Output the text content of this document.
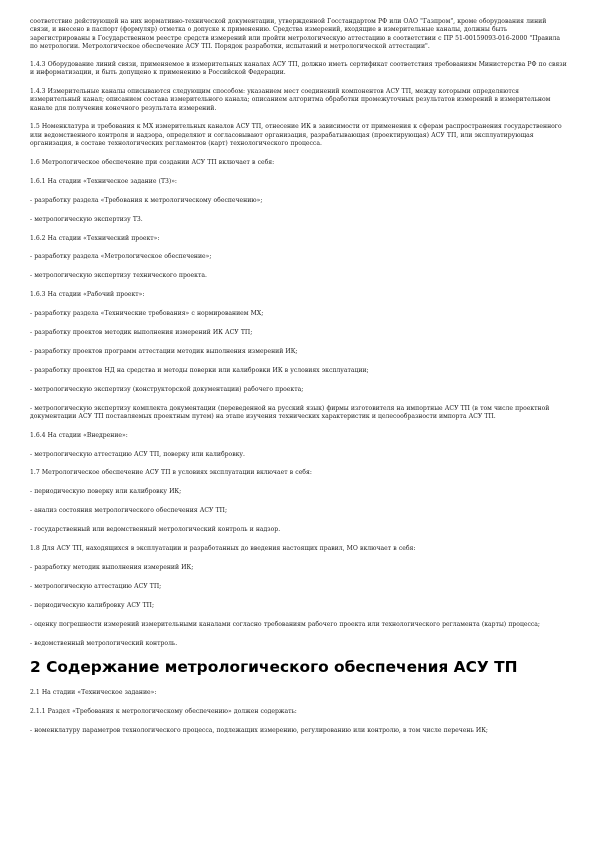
соответствие действующей на них нормативно-технической документации, утвержденной Госстандартом РФ или ОАО "Газпром", кроме оборудования линий связи, и внесено в паспорт (формуляр) отметка о допуске к применению. Средства измерений, входящие в измерительные каналы, должны быть зарегистрированы в Государственном реестре средств измерений или пройти метрологическую аттестацию в соответствии с ПР 51-00159093-016-2000 "Правила по метрологии. Метрологическое обеспечение АСУ ТП. Порядок разработки, испытаний и метрологической аттестации".

1.4.3 Оборудование линий связи, применяемое в измерительных каналах АСУ ТП, должно иметь сертификат соответствия требованиям Министерства РФ по связи и информатизации, и быть допущено к применению в Российской Федерации.

1.4.3 Измерительные каналы описываются следующим способом: указанием мест соединений компонентов АСУ ТП, между которыми определяются измерительный канал; описанием состава измерительного канала; описанием алгоритма обработки промежуточных результатов измерений в измерительном канале для получения конечного результата измерений.

1.5 Номенклатура и требования к МХ измерительных каналов АСУ ТП, отнесение ИК в зависимости от применения к сферам распространения государственного или ведомственного контроля и надзора, определяют и согласовывают организация, разрабатывающая (проектирующая) АСУ ТП, или эксплуатирующая организация, в составе технологических регламентов (карт) технологического процесса.

1.6 Метрологическое обеспечение при создании АСУ ТП включает в себя:

1.6.1 На стадии «Техническое задание (ТЗ)»:

- разработку раздела «Требования к метрологическому обеспечению»;

- метрологическую экспертизу ТЗ.

1.6.2 На стадии «Технический проект»:

- разработку раздела «Метрологическое обеспечение»;

- метрологическую экспертизу технического проекта.

1.6.3 На стадии «Рабочий проект»:

- разработку раздела «Технические требования» с нормированием МХ;

- разработку проектов методик выполнения измерений ИК АСУ ТП;

- разработку проектов программ аттестации методик выполнения измерений ИК;

- разработку проектов НД на средства и методы поверки или калибровки ИК в условиях эксплуатации;

- метрологическую экспертизу (конструкторской документации) рабочего проекта;

- метрологическую экспертизу комплекта документации (переведенной на русский язык) фирмы изготовителя на импортные АСУ ТП (в том числе проектной документации АСУ ТП поставляемых проектным путем) на этапе изучения технических характеристик и целесообразности импорта АСУ ТП.

1.6.4 На стадии «Внедрение»:

- метрологическую аттестацию АСУ ТП, поверку или калибровку.

1.7 Метрологическое обеспечение АСУ ТП в условиях эксплуатации включает в себя:

- периодическую поверку или калибровку ИК;

- анализ состояния метрологического обеспечения АСУ ТП;

- государственный или ведомственный метрологический контроль и надзор.

1.8 Для АСУ ТП, находящихся в эксплуатации и разработанных до введения настоящих правил, МО включает в себя:

- разработку методик выполнения измерений ИК;

- метрологическую аттестацию АСУ ТП;

- периодическую калибровку АСУ ТП;

- оценку погрешности измерений измерительными каналами согласно требованиям рабочего проекта или технологического регламента (карты) процесса;

- ведомственный метрологический контроль.

2 Содержание метрологического обеспечения АСУ ТП

2.1 На стадии «Техническое задание»:

2.1.1 Раздел «Требования к метрологическому обеспечению» должен содержать:

- номенклатуру параметров технологического процесса, подлежащих измерению, регулированию или контролю, в том числе перечень ИК;
